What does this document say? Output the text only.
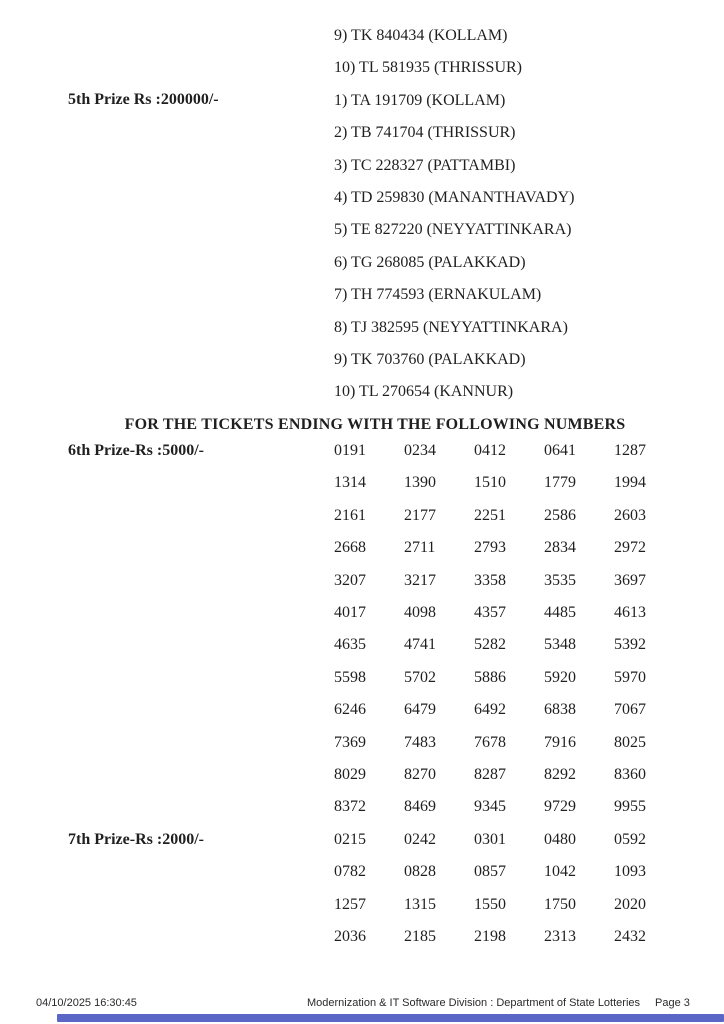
9) TK 840434 (KOLLAM)
10) TL 581935 (THRISSUR)
5th Prize Rs :200000/-	1) TA 191709 (KOLLAM)
2) TB 741704 (THRISSUR)
3) TC 228327 (PATTAMBI)
4) TD 259830 (MANANTHAVADY)
5) TE 827220 (NEYYATTINKARA)
6) TG 268085 (PALAKKAD)
7) TH 774593 (ERNAKULAM)
8) TJ 382595 (NEYYATTINKARA)
9) TK 703760 (PALAKKAD)
10) TL 270654 (KANNUR)
FOR THE TICKETS ENDING WITH THE FOLLOWING NUMBERS
6th Prize-Rs :5000/-	0191	0234	0412	0641	1287
1314	1390	1510	1779	1994
2161	2177	2251	2586	2603
2668	2711	2793	2834	2972
3207	3217	3358	3535	3697
4017	4098	4357	4485	4613
4635	4741	5282	5348	5392
5598	5702	5886	5920	5970
6246	6479	6492	6838	7067
7369	7483	7678	7916	8025
8029	8270	8287	8292	8360
8372	8469	9345	9729	9955
7th Prize-Rs :2000/-	0215	0242	0301	0480	0592
0782	0828	0857	1042	1093
1257	1315	1550	1750	2020
2036	2185	2198	2313	2432
04/10/2025 16:30:45	Modernization & IT Software Division : Department of State Lotteries Page 3
